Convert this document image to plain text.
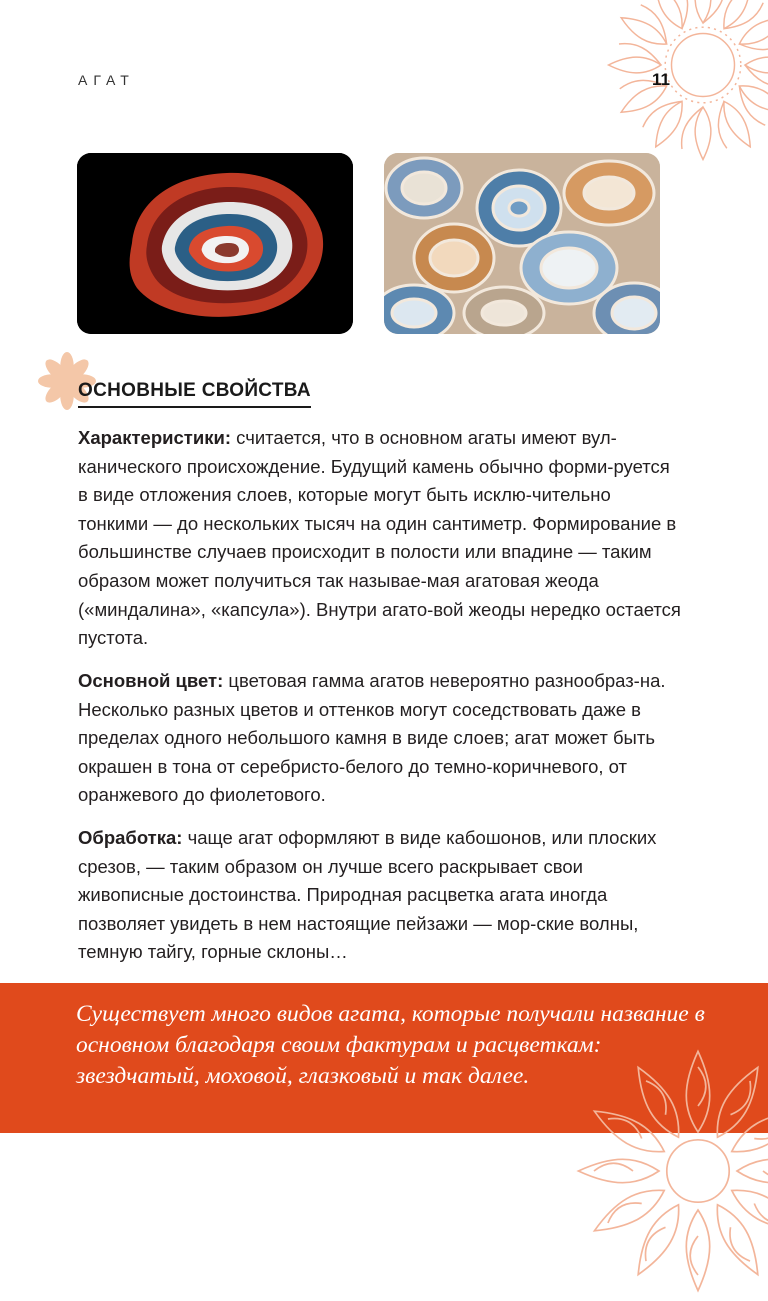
АГАТ	11
ОСНОВНЫЕ СВОЙСТВА
Характеристики: считается, что в основном агаты имеют вул-канического происхождение. Будущий камень обычно форми-руется в виде отложения слоев, которые могут быть исклю-чительно тонкими — до нескольких тысяч на один сантиметр. Формирование в большинстве случаев происходит в полости или впадине — таким образом может получиться так называе-мая агатовая жеода («миндалина», «капсула»). Внутри агато-вой жеоды нередко остается пустота.
Основной цвет: цветовая гамма агатов невероятно разнообраз-на. Несколько разных цветов и оттенков могут соседствовать даже в пределах одного небольшого камня в виде слоев; агат может быть окрашен в тона от серебристо-белого до темно-коричневого, от оранжевого до фиолетового.
Обработка: чаще агат оформляют в виде кабошонов, или плоских срезов, — таким образом он лучше всего раскрывает свои живописные достоинства. Природная расцветка агата иногда позволяет увидеть в нем настоящие пейзажи — мор-ские волны, темную тайгу, горные склоны…
Существует много видов агата, которые получали название в основном благодаря своим фактурам и расцветкам: звездчатый, моховой, глазковый и так далее.
